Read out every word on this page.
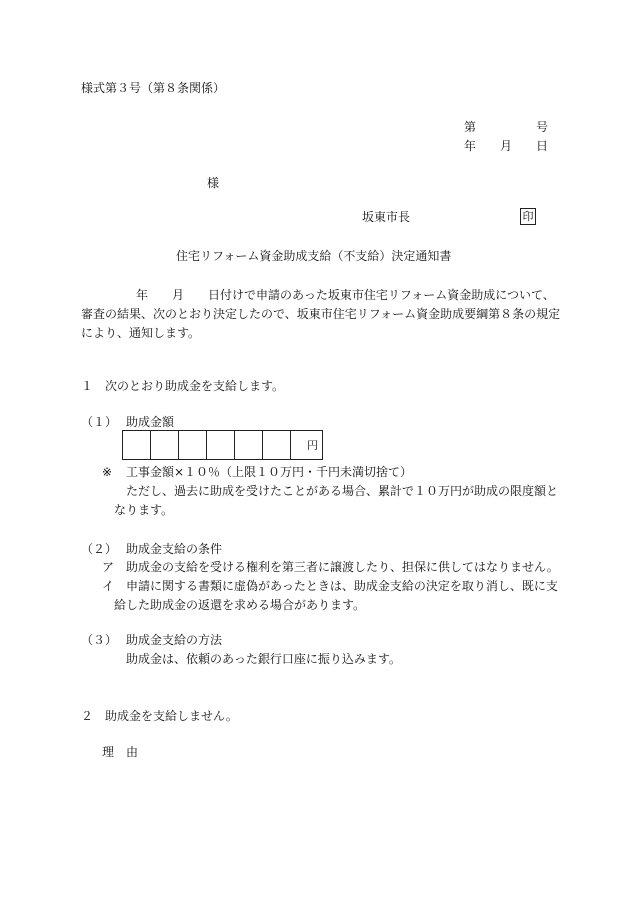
様式第３号（第８条関係）
第	号
年 月 日
様
坂東市長	印
住宅リフォーム資金助成支給（不支給）決定通知書
年 月 日付けで申請のあった坂東市住宅リフォーム資金助成について、
審査の結果、次のとおり決定したので、坂東市住宅リフォーム資金助成要綱第８条の規定
により、通知します。
１　次のとおり助成金を支給します。
（１） 助成金額
						円
※ 工事金額×１０％（上限１０万円・千円未満切捨て）
ただし、過去に助成を受けたことがある場合、累計で１０万円が助成の限度額と
なります。
（２） 助成金支給の条件
ア　助成金の支給を受ける権利を第三者に譲渡したり、担保に供してはなりません。
イ　申請に関する書類に虚偽があったときは、助成金支給の決定を取り消し、既に支
給した助成金の返還を求める場合があります。
（３） 助成金支給の方法
助成金は、依頼のあった銀行口座に振り込みます。
２　助成金を支給しません。
理　由
